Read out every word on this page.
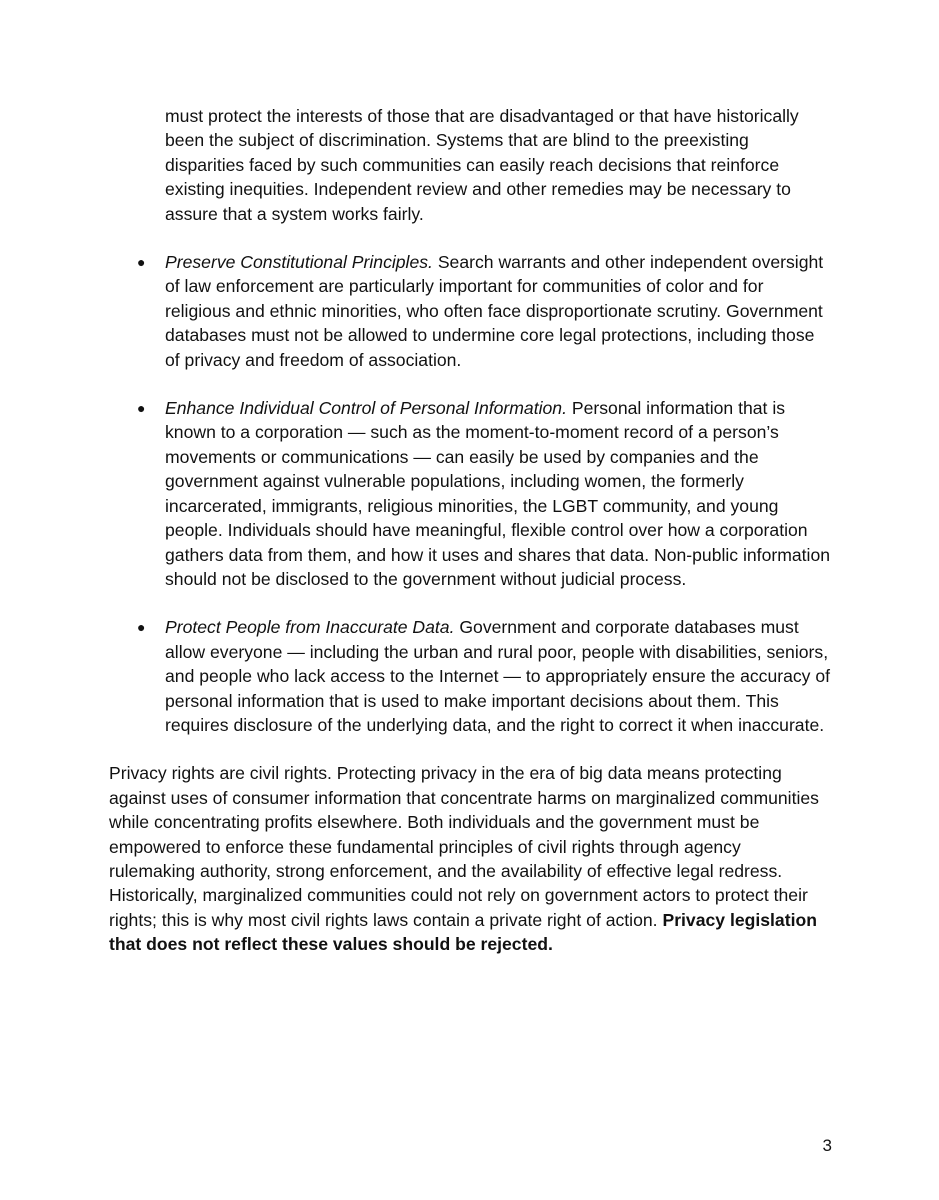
must protect the interests of those that are disadvantaged or that have historically been the subject of discrimination. Systems that are blind to the preexisting disparities faced by such communities can easily reach decisions that reinforce existing inequities. Independent review and other remedies may be necessary to assure that a system works fairly.

● Preserve Constitutional Principles. Search warrants and other independent oversight of law enforcement are particularly important for communities of color and for religious and ethnic minorities, who often face disproportionate scrutiny. Government databases must not be allowed to undermine core legal protections, including those of privacy and freedom of association.
● Enhance Individual Control of Personal Information. Personal information that is known to a corporation — such as the moment-to-moment record of a person’s movements or communications — can easily be used by companies and the government against vulnerable populations, including women, the formerly incarcerated, immigrants, religious minorities, the LGBT community, and young people. Individuals should have meaningful, flexible control over how a corporation gathers data from them, and how it uses and shares that data. Non-public information should not be disclosed to the government without judicial process.
● Protect People from Inaccurate Data. Government and corporate databases must allow everyone — including the urban and rural poor, people with disabilities, seniors, and people who lack access to the Internet — to appropriately ensure the accuracy of personal information that is used to make important decisions about them. This requires disclosure of the underlying data, and the right to correct it when inaccurate.

Privacy rights are civil rights. Protecting privacy in the era of big data means protecting against uses of consumer information that concentrate harms on marginalized communities while concentrating profits elsewhere. Both individuals and the government must be empowered to enforce these fundamental principles of civil rights through agency rulemaking authority, strong enforcement, and the availability of effective legal redress. Historically, marginalized communities could not rely on government actors to protect their rights; this is why most civil rights laws contain a private right of action. Privacy legislation that does not reflect these values should be rejected.

3
